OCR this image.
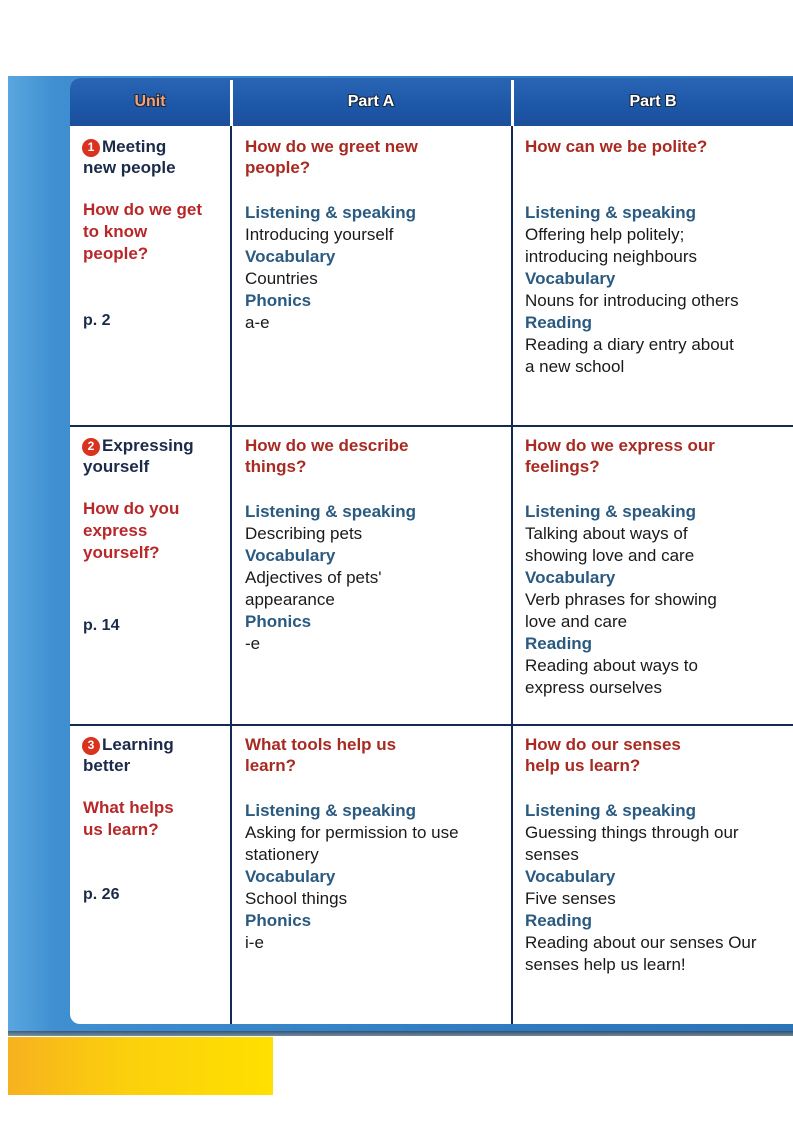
Unit	Part A	Part B
1 Meeting
new people
How do we get to know people?
p. 2
How do we greet new people?
Listening & speaking
Introducing yourself
Vocabulary
Countries
Phonics
a-e
How can we be polite?
Listening & speaking
Offering help politely; introducing neighbours
Vocabulary
Nouns for introducing others
Reading
Reading a diary entry about a new school
2 Expressing
yourself
How do you express yourself?
p. 14
How do we describe things?
Listening & speaking
Describing pets
Vocabulary
Adjectives of pets' appearance
Phonics
-e
How do we express our feelings?
Listening & speaking
Talking about ways of showing love and care
Vocabulary
Verb phrases for showing love and care
Reading
Reading about ways to express ourselves
3 Learning
better
What helps us learn?
p. 26
What tools help us learn?
Listening & speaking
Asking for permission to use stationery
Vocabulary
School things
Phonics
i-e
How do our senses help us learn?
Listening & speaking
Guessing things through our senses
Vocabulary
Five senses
Reading
Reading about our senses Our senses help us learn!
